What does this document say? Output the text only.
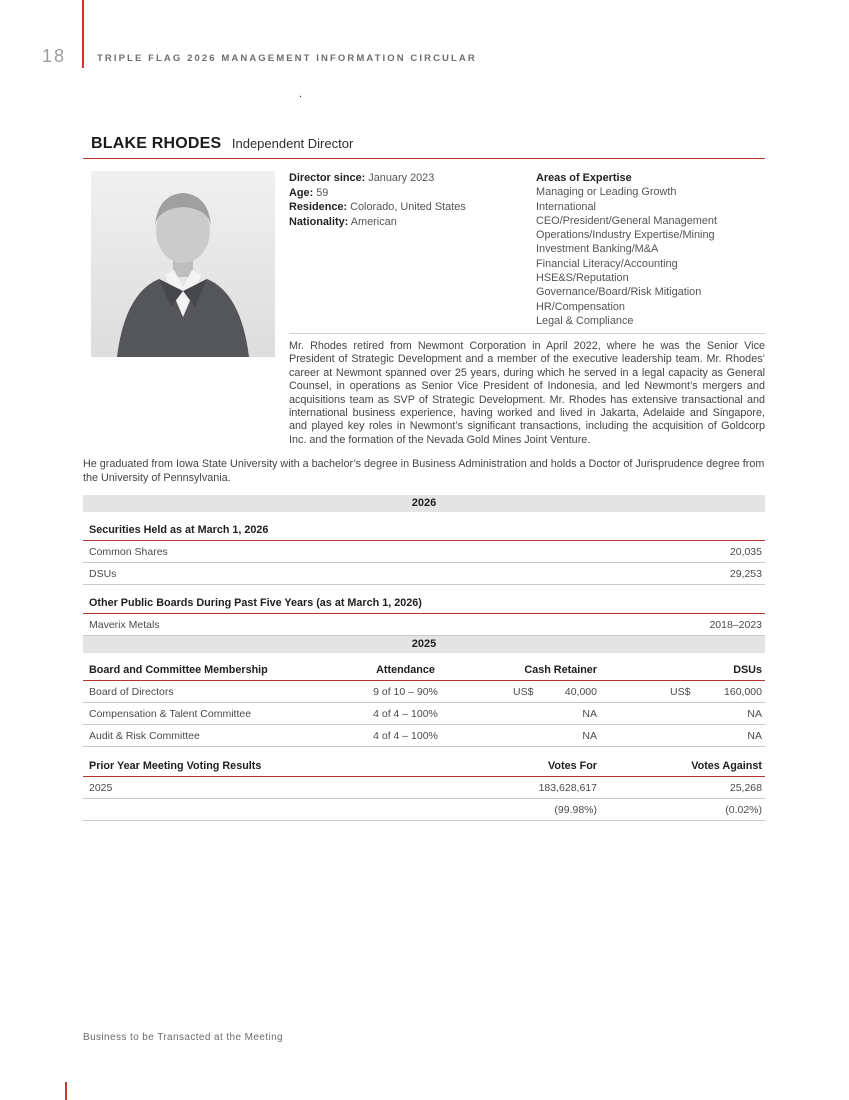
18	TRIPLE FLAG 2026 MANAGEMENT INFORMATION CIRCULAR
.
BLAKE RHODES Independent Director
Director since: January 2023
Age: 59
Residence: Colorado, United States
Nationality: American
Areas of Expertise
Managing or Leading Growth
International
CEO/President/General Management
Operations/Industry Expertise/Mining
Investment Banking/M&A
Financial Literacy/Accounting
HSE&S/Reputation
Governance/Board/Risk Mitigation
HR/Compensation
Legal & Compliance
Mr. Rhodes retired from Newmont Corporation in April 2022, where he was the Senior Vice President of Strategic Development and a member of the executive leadership team. Mr. Rhodes’ career at Newmont spanned over 25 years, during which he served in a legal capacity as General Counsel, in operations as Senior Vice President of Indonesia, and led Newmont’s mergers and acquisitions team as SVP of Strategic Development. Mr. Rhodes has extensive transactional and international business experience, having worked and lived in Jakarta, Adelaide and Singapore, and played key roles in Newmont’s significant transactions, including the acquisition of Goldcorp Inc. and the formation of the Nevada Gold Mines Joint Venture.
He graduated from Iowa State University with a bachelor’s degree in Business Administration and holds a Doctor of Jurisprudence degree from the University of Pennsylvania.
2026
Securities Held as at March 1, 2026
Common Shares	20,035
DSUs	29,253
Other Public Boards During Past Five Years (as at March 1, 2026)
Maverix Metals	2018–2023
2025
Board and Committee Membership	Attendance	Cash Retainer	DSUs
Board of Directors	9 of 10 – 90%	US$	40,000	US$	160,000
Compensation & Talent Committee	4 of 4 – 100%	NA	NA
Audit & Risk Committee	4 of 4 – 100%	NA	NA
Prior Year Meeting Voting Results	Votes For	Votes Against
2025	183,628,617	25,268
(99.98%)	(0.02%)
Business to be Transacted at the Meeting
